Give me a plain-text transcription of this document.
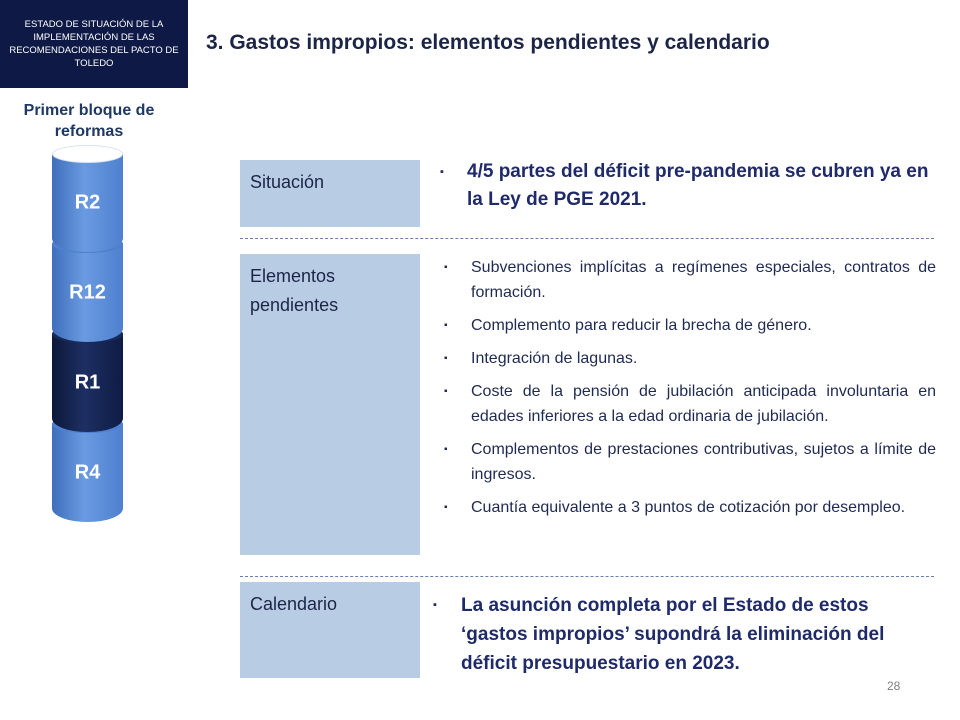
ESTADO DE SITUACIÓN DE LA IMPLEMENTACIÓN DE LAS RECOMENDACIONES DEL PACTO DE TOLEDO
3. Gastos impropios: elementos pendientes y calendario
Primer bloque de reformas
R4
R1
R12
R2
Situación	▪	4/5 partes del déficit pre-pandemia se cubren ya en la Ley de PGE 2021.
Elementos pendientes
▪ Subvenciones implícitas a regímenes especiales, contratos de formación.
▪ Complemento para reducir la brecha de género.
▪ Integración de lagunas.
▪ Coste de la pensión de jubilación anticipada involuntaria en edades inferiores a la edad ordinaria de jubilación.
▪ Complementos de prestaciones contributivas, sujetos a límite de ingresos.
▪ Cuantía equivalente a 3 puntos de cotización por desempleo.
Calendario	▪	La asunción completa por el Estado de estos ‘gastos impropios’ supondrá la eliminación del déficit presupuestario en 2023.
28
